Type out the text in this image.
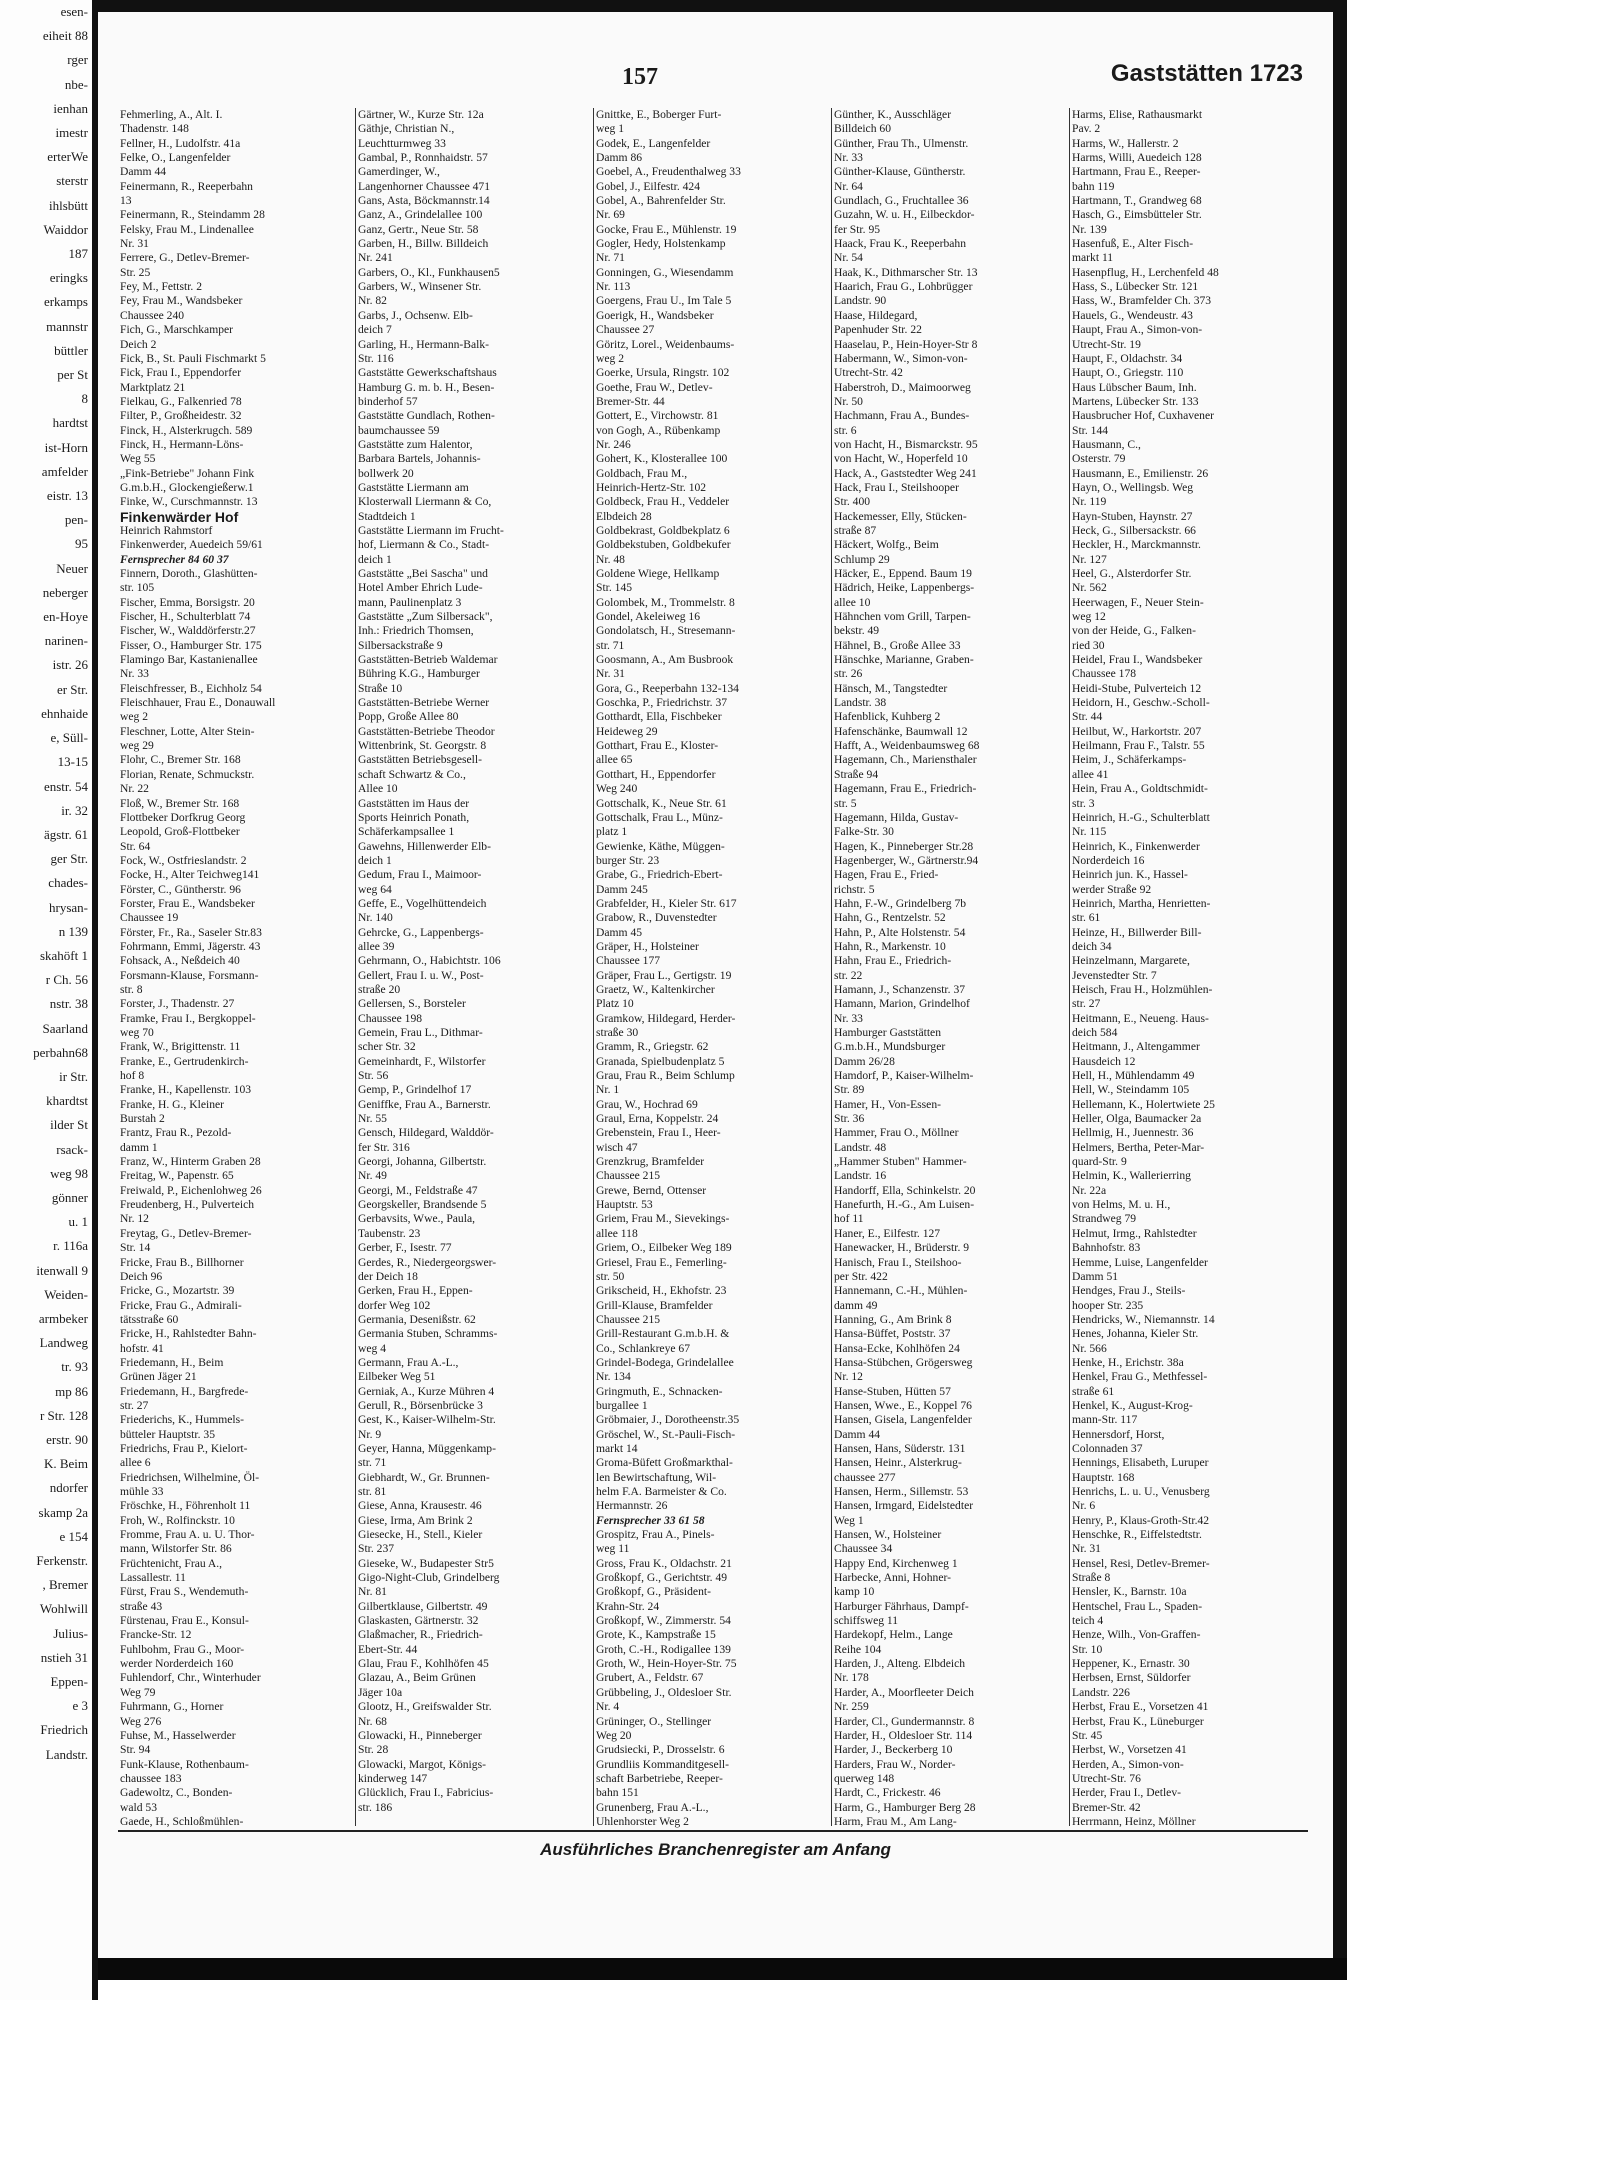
esen-
eiheit 88
rger
nbe-
ienhan
imestr
erterWe
sterstr
ihlsbütt
Waiddor
187
eringks
erkamps
mannstr
büttler
per St
8
hardtst
ist-Horn
amfelder
eistr. 13
pen-
95
Neuer
neberger
en-Hoye
narinen-
istr. 26
er Str.
ehnhaide
e, Süll-
13-15
enstr. 54
ir. 32
ägstr. 61
ger Str.
chades-
hrysan-
n 139
skahöft 1
r Ch. 56
nstr. 38
Saarland
perbahn68
ir Str.
khardtst
ilder St
rsack-
weg 98
gönner
u. 1
r. 116a
itenwall 9
Weiden-
armbeker
Landweg
tr. 93
mp 86
r Str. 128
erstr. 90
K. Beim
ndorfer
skamp 2a
e 154
Ferkenstr.
, Bremer
Wohlwill
Julius-
nstieh 31
Eppen-
e 3
Friedrich
Landstr.
157	Gaststätten 1723
Fehmerling, A., Alt. I.
Thadenstr. 148
Fellner, H., Ludolfstr. 41a
Felke, O., Langenfelder
Damm 44
Feinermann, R., Reeperbahn
13
Feinermann, R., Steindamm 28
Felsky, Frau M., Lindenallee
Nr. 31
Ferrere, G., Detlev-Bremer-
Str. 25
Fey, M., Fettstr. 2
Fey, Frau M., Wandsbeker
Chaussee 240
Fich, G., Marschkamper
Deich 2
Fick, B., St. Pauli Fischmarkt 5
Fick, Frau I., Eppendorfer
Marktplatz 21
Fielkau, G., Falkenried 78
Filter, P., Großheidestr. 32
Finck, H., Alsterkrugch. 589
Finck, H., Hermann-Löns-
Weg 55
„Fink-Betriebe" Johann Fink
G.m.b.H., Glockengießerw.1
Finke, W., Curschmannstr. 13
Finkenwärder Hof
Heinrich Rahmstorf
Finkenwerder, Auedeich 59/61
Fernsprecher 84 60 37
Finnern, Doroth., Glashütten-
str. 105
Fischer, Emma, Borsigstr. 20
Fischer, H., Schulterblatt 74
Fischer, W., Walddörferstr.27
Fisser, O., Hamburger Str. 175
Flamingo Bar, Kastanienallee
Nr. 33
Fleischfresser, B., Eichholz 54
Fleischhauer, Frau E., Donauwall
weg 2
Fleschner, Lotte, Alter Stein-
weg 29
Flohr, C., Bremer Str. 168
Florian, Renate, Schmuckstr.
Nr. 22
Floß, W., Bremer Str. 168
Flottbeker Dorfkrug Georg
Leopold, Groß-Flottbeker
Str. 64
Fock, W., Ostfrieslandstr. 2
Focke, H., Alter Teichweg141
Förster, C., Güntherstr. 96
Forster, Frau E., Wandsbeker
Chaussee 19
Förster, Fr., Ra., Saseler Str.83
Fohrmann, Emmi, Jägerstr. 43
Fohsack, A., Neßdeich 40
Forsmann-Klause, Forsmann-
str. 8
Forster, J., Thadenstr. 27
Framke, Frau I., Bergkoppel-
weg 70
Frank, W., Brigittenstr. 11
Franke, E., Gertrudenkirch-
hof 8
Franke, H., Kapellenstr. 103
Franke, H. G., Kleiner
Burstah 2
Frantz, Frau R., Pezold-
damm 1
Franz, W., Hinterm Graben 28
Freitag, W., Papenstr. 65
Freiwald, P., Eichenlohweg 26
Freudenberg, H., Pulverteich
Nr. 12
Freytag, G., Detlev-Bremer-
Str. 14
Fricke, Frau B., Billhorner
Deich 96
Fricke, G., Mozartstr. 39
Fricke, Frau G., Admirali-
tätsstraße 60
Fricke, H., Rahlstedter Bahn-
hofstr. 41
Friedemann, H., Beim
Grünen Jäger 21
Friedemann, H., Bargfrede-
str. 27
Friederichs, K., Hummels-
bütteler Hauptstr. 35
Friedrichs, Frau P., Kielort-
allee 6
Friedrichsen, Wilhelmine, Öl-
mühle 33
Fröschke, H., Föhrenholt 11
Froh, W., Rolfinckstr. 10
Fromme, Frau A. u. U. Thor-
mann, Wilstorfer Str. 86
Früchtenicht, Frau A.,
Lassallestr. 11
Fürst, Frau S., Wendemuth-
straße 43
Fürstenau, Frau E., Konsul-
Francke-Str. 12
Fuhlbohm, Frau G., Moor-
werder Norderdeich 160
Fuhlendorf, Chr., Winterhuder
Weg 79
Fuhrmann, G., Horner
Weg 276
Fuhse, M., Hasselwerder
Str. 94
Funk-Klause, Rothenbaum-
chaussee 183
Gadewoltz, C., Bonden-
wald 53
Gaede, H., Schloßmühlen-
Gärtner, W., Kurze Str. 12a
Gäthje, Christian N.,
Leuchtturmweg 33
Gambal, P., Ronnhaidstr. 57
Gamerdinger, W.,
Langenhorner Chaussee 471
Gans, Asta, Böckmannstr.14
Ganz, A., Grindelallee 100
Ganz, Gertr., Neue Str. 58
Garben, H., Billw. Billdeich
Nr. 241
Garbers, O., Kl., Funkhausen5
Garbers, W., Winsener Str.
Nr. 82
Garbs, J., Ochsenw. Elb-
deich 7
Garling, H., Hermann-Balk-
Str. 116
Gaststätte Gewerkschaftshaus
Hamburg G. m. b. H., Besen-
binderhof 57
Gaststätte Gundlach, Rothen-
baumchaussee 59
Gaststätte zum Halentor,
Barbara Bartels, Johannis-
bollwerk 20
Gaststätte Liermann am
Klosterwall Liermann & Co,
Stadtdeich 1
Gaststätte Liermann im Frucht-
hof, Liermann & Co., Stadt-
deich 1
Gaststätte „Bei Sascha" und
Hotel Amber Ehrich Lude-
mann, Paulinenplatz 3
Gaststätte „Zum Silbersack",
Inh.: Friedrich Thomsen,
Silbersackstraße 9
Gaststätten-Betrieb Waldemar
Bühring K.G., Hamburger
Straße 10
Gaststätten-Betriebe Werner
Popp, Große Allee 80
Gaststätten-Betriebe Theodor
Wittenbrink, St. Georgstr. 8
Gaststätten Betriebsgesell-
schaft Schwartz & Co.,
Allee 10
Gaststätten im Haus der
Sports Heinrich Ponath,
Schäferkampsallee 1
Gawehns, Hillenwerder Elb-
deich 1
Gedum, Frau I., Maimoor-
weg 64
Geffe, E., Vogelhüttendeich
Nr. 140
Gehrcke, G., Lappenbergs-
allee 39
Gehrmann, O., Habichtstr. 106
Gellert, Frau I. u. W., Post-
straße 20
Gellersen, S., Borsteler
Chaussee 198
Gemein, Frau L., Dithmar-
scher Str. 32
Gemeinhardt, F., Wilstorfer
Str. 56
Gemp, P., Grindelhof 17
Geniffke, Frau A., Barnerstr.
Nr. 55
Gensch, Hildegard, Walddör-
fer Str. 316
Georgi, Johanna, Gilbertstr.
Nr. 49
Georgi, M., Feldstraße 47
Georgskeller, Brandsende 5
Gerbavsits, Wwe., Paula,
Taubenstr. 23
Gerber, F., Isestr. 77
Gerdes, R., Niedergeorgswer-
der Deich 18
Gerken, Frau H., Eppen-
dorfer Weg 102
Germania, Desenißstr. 62
Germania Stuben, Schramms-
weg 4
Germann, Frau A.-L.,
Eilbeker Weg 51
Gerniak, A., Kurze Mühren 4
Gerull, R., Börsenbrücke 3
Gest, K., Kaiser-Wilhelm-Str.
Nr. 9
Geyer, Hanna, Müggenkamp-
str. 71
Giebhardt, W., Gr. Brunnen-
str. 81
Giese, Anna, Krausestr. 46
Giese, Irma, Am Brink 2
Giesecke, H., Stell., Kieler
Str. 237
Gieseke, W., Budapester Str5
Gigo-Night-Club, Grindelberg
Nr. 81
Gilbertklause, Gilbertstr. 49
Glaskasten, Gärtnerstr. 32
Glaßmacher, R., Friedrich-
Ebert-Str. 44
Glau, Frau F., Kohlhöfen 45
Glazau, A., Beim Grünen
Jäger 10a
Glootz, H., Greifswalder Str.
Nr. 68
Glowacki, H., Pinneberger
Str. 28
Glowacki, Margot, Königs-
kinderweg 147
Glücklich, Frau I., Fabricius-
str. 186
Gnittke, E., Boberger Furt-
weg 1
Godek, E., Langenfelder
Damm 86
Goebel, A., Freudenthalweg 33
Gobel, J., Eilfestr. 424
Gobel, A., Bahrenfelder Str.
Nr. 69
Gocke, Frau E., Mühlenstr. 19
Gogler, Hedy, Holstenkamp
Nr. 71
Gonningen, G., Wiesendamm
Nr. 113
Goergens, Frau U., Im Tale 5
Goerigk, H., Wandsbeker
Chaussee 27
Göritz, Lorel., Weidenbaums-
weg 2
Goerke, Ursula, Ringstr. 102
Goethe, Frau W., Detlev-
Bremer-Str. 44
Gottert, E., Virchowstr. 81
von Gogh, A., Rübenkamp
Nr. 246
Gohert, K., Klosterallee 100
Goldbach, Frau M.,
Heinrich-Hertz-Str. 102
Goldbeck, Frau H., Veddeler
Elbdeich 28
Goldbekrast, Goldbekplatz 6
Goldbekstuben, Goldbekufer
Nr. 48
Goldene Wiege, Hellkamp
Str. 145
Golombek, M., Trommelstr. 8
Gondel, Akeleiweg 16
Gondolatsch, H., Stresemann-
str. 71
Goosmann, A., Am Busbrook
Nr. 31
Gora, G., Reeperbahn 132-134
Goschka, P., Friedrichstr. 37
Gotthardt, Ella, Fischbeker
Heideweg 29
Gotthart, Frau E., Kloster-
allee 65
Gotthart, H., Eppendorfer
Weg 240
Gottschalk, K., Neue Str. 61
Gottschalk, Frau L., Münz-
platz 1
Gewienke, Käthe, Müggen-
burger Str. 23
Grabe, G., Friedrich-Ebert-
Damm 245
Grabfelder, H., Kieler Str. 617
Grabow, R., Duvenstedter
Damm 45
Gräper, H., Holsteiner
Chaussee 177
Gräper, Frau L., Gertigstr. 19
Graetz, W., Kaltenkircher
Platz 10
Gramkow, Hildegard, Herder-
straße 30
Gramm, R., Griegstr. 62
Granada, Spielbudenplatz 5
Grau, Frau R., Beim Schlump
Nr. 1
Grau, W., Hochrad 69
Graul, Erna, Koppelstr. 24
Grebenstein, Frau I., Heer-
wisch 47
Grenzkrug, Bramfelder
Chaussee 215
Grewe, Bernd, Ottenser
Hauptstr. 53
Griem, Frau M., Sievekings-
allee 118
Griem, O., Eilbeker Weg 189
Griesel, Frau E., Femerling-
str. 50
Grikscheid, H., Ekhofstr. 23
Grill-Klause, Bramfelder
Chaussee 215
Grill-Restaurant G.m.b.H. &
Co., Schlankreye 67
Grindel-Bodega, Grindelallee
Nr. 134
Gringmuth, E., Schnacken-
burgallee 1
Gröbmaier, J., Dorotheenstr.35
Gröschel, W., St.-Pauli-Fisch-
markt 14
Groma-Büfett Großmarkthal-
len Bewirtschaftung, Wil-
helm F.A. Barmeister & Co.
Hermannstr. 26
Fernsprecher 33 61 58
Grospitz, Frau A., Pinels-
weg 11
Gross, Frau K., Oldachstr. 21
Großkopf, G., Gerichtstr. 49
Großkopf, G., Präsident-
Krahn-Str. 24
Großkopf, W., Zimmerstr. 54
Grote, K., Kampstraße 15
Groth, C.-H., Rodigallee 139
Groth, W., Hein-Hoyer-Str. 75
Grubert, A., Feldstr. 67
Grübbeling, J., Oldesloer Str.
Nr. 4
Grüninger, O., Stellinger
Weg 20
Grudsiecki, P., Drosselstr. 6
Grundliis Kommanditgesell-
schaft Barbetriebe, Reeper-
bahn 151
Grunenberg, Frau A.-L.,
Uhlenhorster Weg 2
Günther, K., Ausschläger
Billdeich 60
Günther, Frau Th., Ulmenstr.
Nr. 33
Günther-Klause, Güntherstr.
Nr. 64
Gundlach, G., Fruchtallee 36
Guzahn, W. u. H., Eilbeckdor-
fer Str. 95
Haack, Frau K., Reeperbahn
Nr. 54
Haak, K., Dithmarscher Str. 13
Haarich, Frau G., Lohbrügger
Landstr. 90
Haase, Hildegard,
Papenhuder Str. 22
Haaselau, P., Hein-Hoyer-Str 8
Habermann, W., Simon-von-
Utrecht-Str. 42
Haberstroh, D., Maimoorweg
Nr. 50
Hachmann, Frau A., Bundes-
str. 6
von Hacht, H., Bismarckstr. 95
von Hacht, W., Hoperfeld 10
Hack, A., Gaststedter Weg 241
Hack, Frau I., Steilshooper
Str. 400
Hackemesser, Elly, Stücken-
straße 87
Häckert, Wolfg., Beim
Schlump 29
Häcker, E., Eppend. Baum 19
Hädrich, Heike, Lappenbergs-
allee 10
Hähnchen vom Grill, Tarpen-
bekstr. 49
Hähnel, B., Große Allee 33
Hänschke, Marianne, Graben-
str. 26
Hänsch, M., Tangstedter
Landstr. 38
Hafenblick, Kuhberg 2
Hafenschänke, Baumwall 12
Hafft, A., Weidenbaumsweg 68
Hagemann, Ch., Mariensthaler
Straße 94
Hagemann, Frau E., Friedrich-
str. 5
Hagemann, Hilda, Gustav-
Falke-Str. 30
Hagen, K., Pinneberger Str.28
Hagenberger, W., Gärtnerstr.94
Hagen, Frau E., Fried-
richstr. 5
Hahn, F.-W., Grindelberg 7b
Hahn, G., Rentzelstr. 52
Hahn, P., Alte Holstenstr. 54
Hahn, R., Markenstr. 10
Hahn, Frau E., Friedrich-
str. 22
Hamann, J., Schanzenstr. 37
Hamann, Marion, Grindelhof
Nr. 33
Hamburger Gaststätten
G.m.b.H., Mundsburger
Damm 26/28
Hamdorf, P., Kaiser-Wilhelm-
Str. 89
Hamer, H., Von-Essen-
Str. 36
Hammer, Frau O., Möllner
Landstr. 48
„Hammer Stuben" Hammer-
Landstr. 16
Handorff, Ella, Schinkelstr. 20
Hanefurth, H.-G., Am Luisen-
hof 11
Haner, E., Eilfestr. 127
Hanewacker, H., Brüderstr. 9
Hanisch, Frau I., Steilshoo-
per Str. 422
Hannemann, C.-H., Mühlen-
damm 49
Hanning, G., Am Brink 8
Hansa-Büffet, Poststr. 37
Hansa-Ecke, Kohlhöfen 24
Hansa-Stübchen, Grögersweg
Nr. 12
Hanse-Stuben, Hütten 57
Hansen, Wwe., E., Koppel 76
Hansen, Gisela, Langenfelder
Damm 44
Hansen, Hans, Süderstr. 131
Hansen, Heinr., Alsterkrug-
chaussee 277
Hansen, Herm., Sillemstr. 53
Hansen, Irmgard, Eidelstedter
Weg 1
Hansen, W., Holsteiner
Chaussee 34
Happy End, Kirchenweg 1
Harbecke, Anni, Hohner-
kamp 10
Harburger Fährhaus, Dampf-
schiffsweg 11
Hardekopf, Helm., Lange
Reihe 104
Harden, J., Alteng. Elbdeich
Nr. 178
Harder, A., Moorfleeter Deich
Nr. 259
Harder, Cl., Gundermannstr. 8
Harder, H., Oldesloer Str. 114
Harder, J., Beckerberg 10
Harders, Frau W., Norder-
querweg 148
Hardt, C., Frickestr. 46
Harm, G., Hamburger Berg 28
Harm, Frau M., Am Lang-
Harms, Elise, Rathausmarkt
Pav. 2
Harms, W., Hallerstr. 2
Harms, Willi, Auedeich 128
Hartmann, Frau E., Reeper-
bahn 119
Hartmann, T., Grandweg 68
Hasch, G., Eimsbütteler Str.
Nr. 139
Hasenfuß, E., Alter Fisch-
markt 11
Hasenpflug, H., Lerchenfeld 48
Hass, S., Lübecker Str. 121
Hass, W., Bramfelder Ch. 373
Hauels, G., Wendeustr. 43
Haupt, Frau A., Simon-von-
Utrecht-Str. 19
Haupt, F., Oldachstr. 34
Haupt, O., Griegstr. 110
Haus Lübscher Baum, Inh.
Martens, Lübecker Str. 133
Hausbrucher Hof, Cuxhavener
Str. 144
Hausmann, C.,
Osterstr. 79
Hausmann, E., Emilienstr. 26
Hayn, O., Wellingsb. Weg
Nr. 119
Hayn-Stuben, Haynstr. 27
Heck, G., Silbersackstr. 66
Heckler, H., Marckmannstr.
Nr. 127
Heel, G., Alsterdorfer Str.
Nr. 562
Heerwagen, F., Neuer Stein-
weg 12
von der Heide, G., Falken-
ried 30
Heidel, Frau I., Wandsbeker
Chaussee 178
Heidi-Stube, Pulverteich 12
Heidorn, H., Geschw.-Scholl-
Str. 44
Heilbut, W., Harkortstr. 207
Heilmann, Frau F., Talstr. 55
Heim, J., Schäferkamps-
allee 41
Hein, Frau A., Goldtschmidt-
str. 3
Heinrich, H.-G., Schulterblatt
Nr. 115
Heinrich, K., Finkenwerder
Norderdeich 16
Heinrich jun. K., Hassel-
werder Straße 92
Heinrich, Martha, Henrietten-
str. 61
Heinze, H., Billwerder Bill-
deich 34
Heinzelmann, Margarete,
Jevenstedter Str. 7
Heisch, Frau H., Holzmühlen-
str. 27
Heitmann, E., Neueng. Haus-
deich 584
Heitmann, J., Altengammer
Hausdeich 12
Hell, H., Mühlendamm 49
Hell, W., Steindamm 105
Hellemann, K., Holertwiete 25
Heller, Olga, Baumacker 2a
Hellmig, H., Juennestr. 36
Helmers, Bertha, Peter-Mar-
quard-Str. 9
Helmin, K., Wallerierring
Nr. 22a
von Helms, M. u. H.,
Strandweg 79
Helmut, Irmg., Rahlstedter
Bahnhofstr. 83
Hemme, Luise, Langenfelder
Damm 51
Hendges, Frau J., Steils-
hooper Str. 235
Hendricks, W., Niemannstr. 14
Henes, Johanna, Kieler Str.
Nr. 566
Henke, H., Erichstr. 38a
Henkel, Frau G., Methfessel-
straße 61
Henkel, K., August-Krog-
mann-Str. 117
Hennersdorf, Horst,
Colonnaden 37
Hennings, Elisabeth, Luruper
Hauptstr. 168
Henrichs, L. u. U., Venusberg
Nr. 6
Henry, P., Klaus-Groth-Str.42
Henschke, R., Eiffelstedtstr.
Nr. 31
Hensel, Resi, Detlev-Bremer-
Straße 8
Hensler, K., Barnstr. 10a
Hentschel, Frau L., Spaden-
teich 4
Henze, Wilh., Von-Graffen-
Str. 10
Heppener, K., Ernastr. 30
Herbsen, Ernst, Süldorfer
Landstr. 226
Herbst, Frau E., Vorsetzen 41
Herbst, Frau K., Lüneburger
Str. 45
Herbst, W., Vorsetzen 41
Herden, A., Simon-von-
Utrecht-Str. 76
Herder, Frau I., Detlev-
Bremer-Str. 42
Herrmann, Heinz, Möllner
Ausführliches Branchenregister am Anfang
